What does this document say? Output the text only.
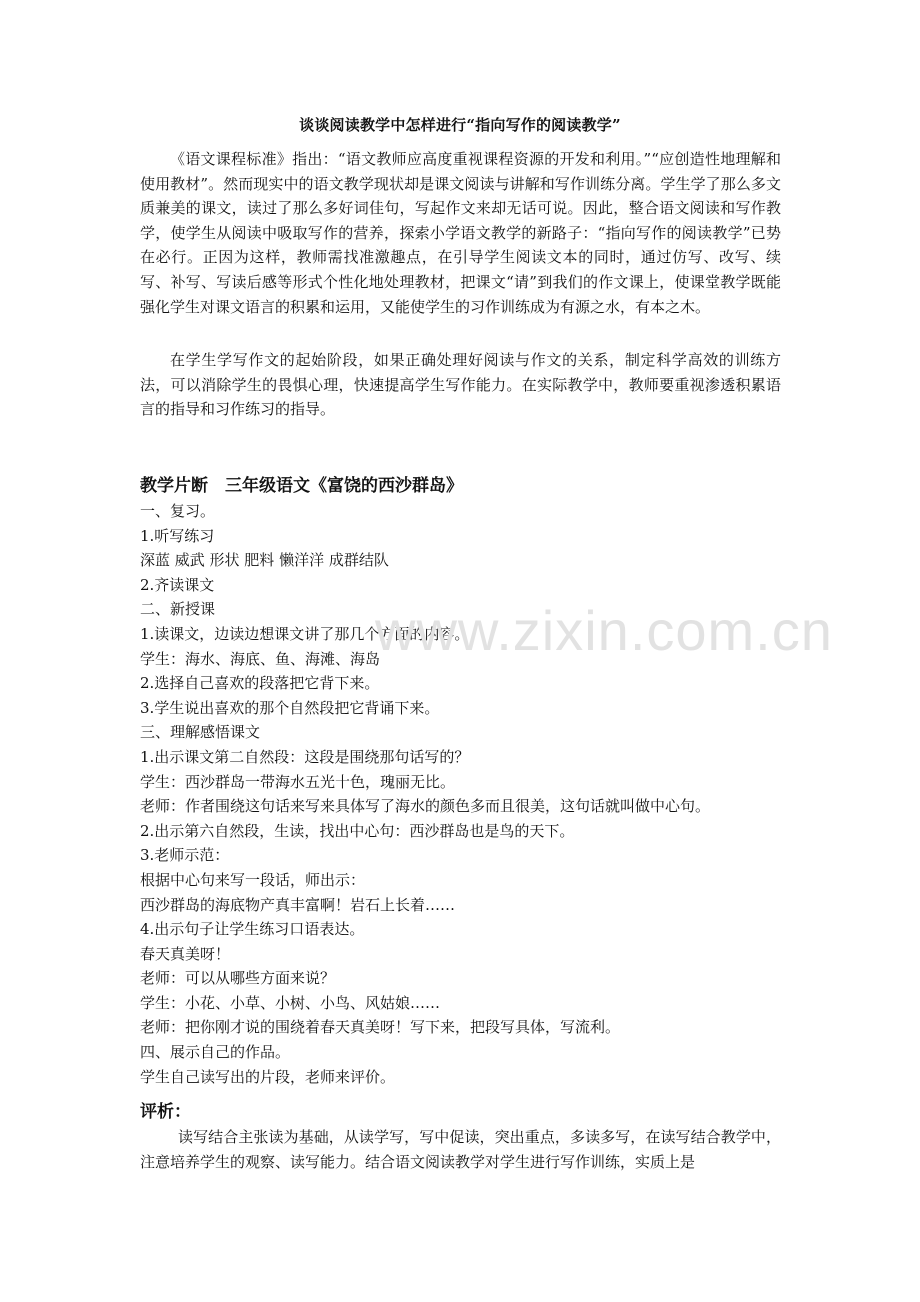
谈谈阅读教学中怎样进行“指向写作的阅读教学”

《语文课程标准》指出：“语文教师应高度重视课程资源的开发和利用。”“应创造性地理解和使用教材”。然而现实中的语文教学现状却是课文阅读与讲解和写作训练分离。学生学了那么多文质兼美的课文，读过了那么多好词佳句，写起作文来却无话可说。因此，整合语文阅读和写作教学，使学生从阅读中吸取写作的营养，探索小学语文教学的新路子：“指向写作的阅读教学”已势在必行。正因为这样，教师需找准激趣点，在引导学生阅读文本的同时，通过仿写、改写、续写、补写、写读后感等形式个性化地处理教材，把课文“请”到我们的作文课上，使课堂教学既能强化学生对课文语言的积累和运用，又能使学生的习作训练成为有源之水，有本之木。

在学生学写作文的起始阶段，如果正确处理好阅读与作文的关系，制定科学高效的训练方法，可以消除学生的畏惧心理，快速提高学生写作能力。在实际教学中，教师要重视渗透积累语言的指导和习作练习的指导。

教学片断　三年级语文《富饶的西沙群岛》
一、复习。
1.听写练习
深蓝 威武 形状 肥料 懒洋洋 成群结队
2.齐读课文
二、新授课
1.读课文，边读边想课文讲了那几个方面的内容。
学生：海水、海底、鱼、海滩、海岛
2.选择自己喜欢的段落把它背下来。
3.学生说出喜欢的那个自然段把它背诵下来。
三、理解感悟课文
1.出示课文第二自然段：这段是围绕那句话写的？
学生：西沙群岛一带海水五光十色，瑰丽无比。
老师：作者围绕这句话来写来具体写了海水的颜色多而且很美，这句话就叫做中心句。
2.出示第六自然段，生读，找出中心句：西沙群岛也是鸟的天下。
3.老师示范：
根据中心句来写一段话，师出示：
西沙群岛的海底物产真丰富啊！岩石上长着……
4.出示句子让学生练习口语表达。
春天真美呀！
老师：可以从哪些方面来说？
学生：小花、小草、小树、小鸟、风姑娘……
老师：把你刚才说的围绕着春天真美呀！写下来，把段写具体，写流利。
四、展示自己的作品。
学生自己读写出的片段，老师来评价。
评析：

读写结合主张读为基础，从读学写，写中促读，突出重点，多读多写，在读写结合教学中，注意培养学生的观察、读写能力。结合语文阅读教学对学生进行写作训练，实质上是

www.zixin.com.cn
